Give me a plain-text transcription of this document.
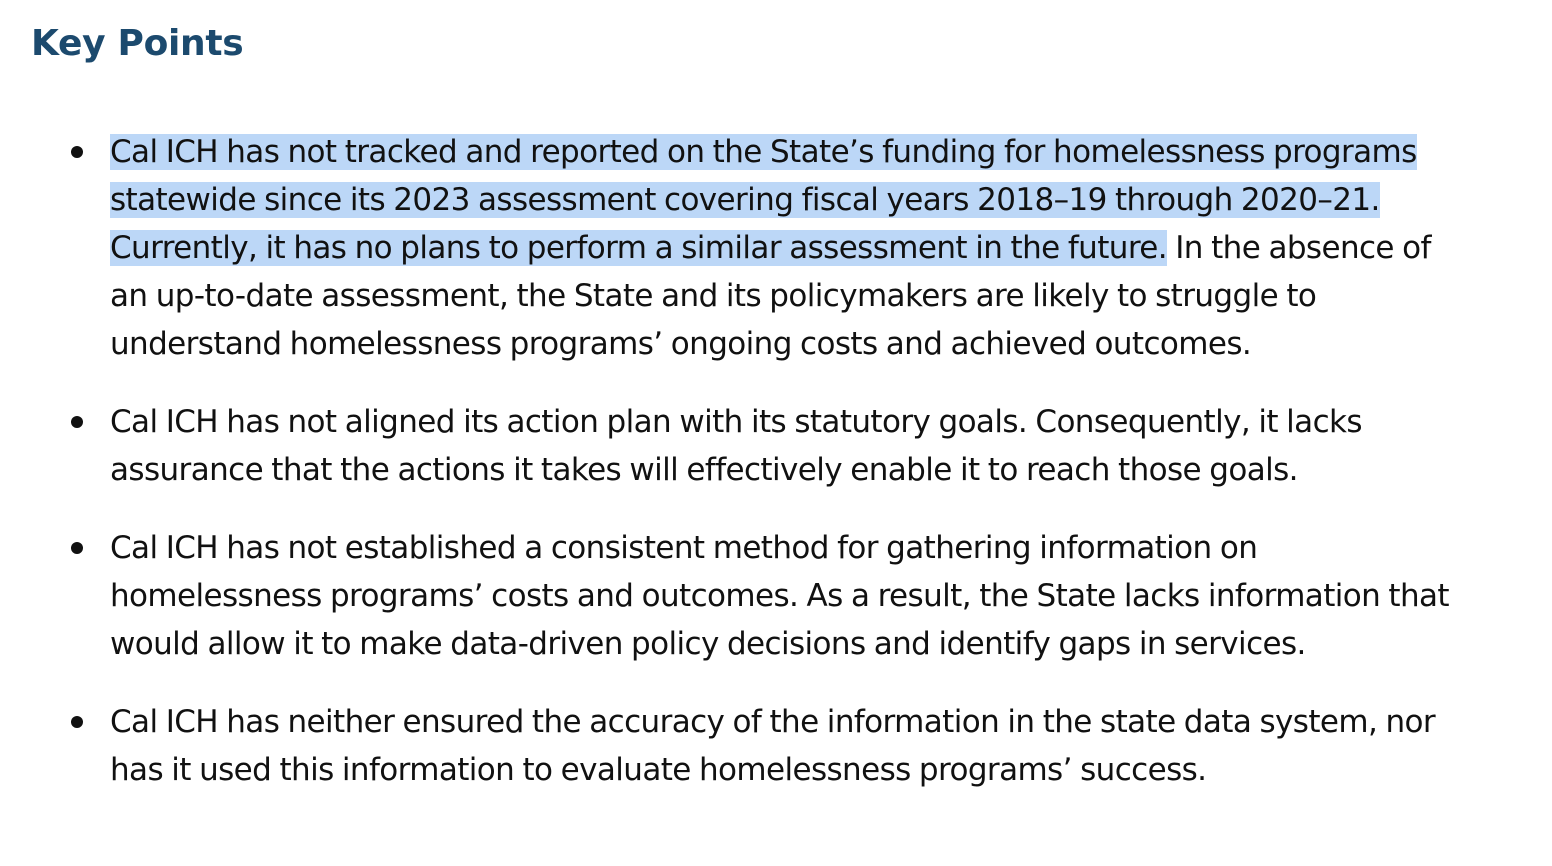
Key Points
Cal ICH has not tracked and reported on the State’s funding for homelessness programs statewide since its 2023 assessment covering fiscal years 2018–19 through 2020–21. Currently, it has no plans to perform a similar assessment in the future. In the absence of an up-to-date assessment, the State and its policymakers are likely to struggle to understand homelessness programs’ ongoing costs and achieved outcomes.
Cal ICH has not aligned its action plan with its statutory goals. Consequently, it lacks assurance that the actions it takes will effectively enable it to reach those goals.
Cal ICH has not established a consistent method for gathering information on homelessness programs’ costs and outcomes. As a result, the State lacks information that would allow it to make data-driven policy decisions and identify gaps in services.
Cal ICH has neither ensured the accuracy of the information in the state data system, nor has it used this information to evaluate homelessness programs’ success.
